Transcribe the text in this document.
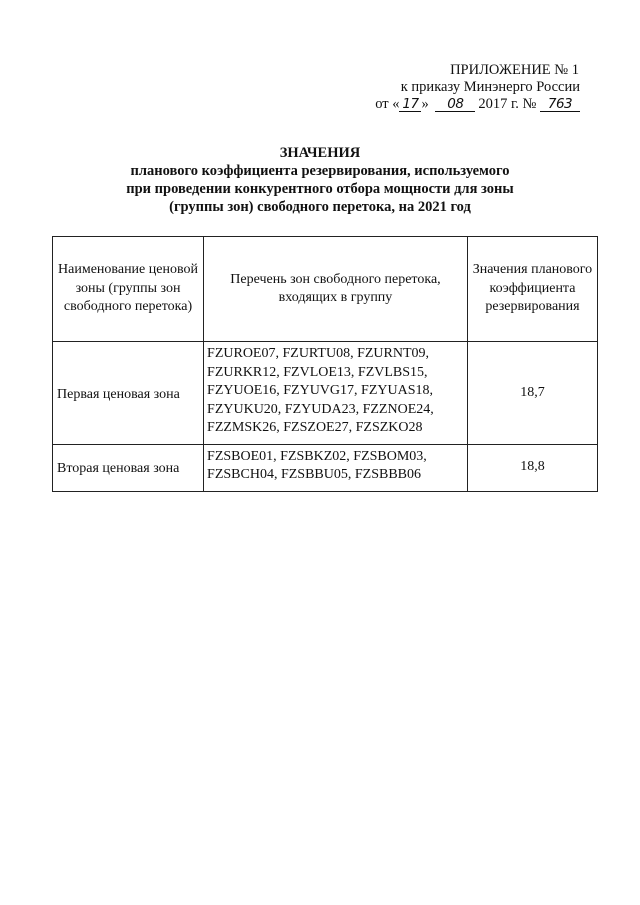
ПРИЛОЖЕНИЕ № 1
к приказу Минэнерго России
от « 17 » 08 2017 г. № 763
ЗНАЧЕНИЯ
планового коэффициента резервирования, используемого
при проведении конкурентного отбора мощности для зоны
(группы зон) свободного перетока, на 2021 год
Наименование ценовой зоны (группы зон свободного перетока)	Перечень зон свободного перетока, входящих в группу	Значения планового коэффициента резервирования
Первая ценовая зона	FZUROE07, FZURTU08, FZURNT09,
FZURKR12, FZVLOE13, FZVLBS15,
FZYUOE16, FZYUVG17, FZYUAS18,
FZYUKU20, FZYUDA23, FZZNOE24,
FZZMSK26, FZSZOE27, FZSZKO28	18,7
Вторая ценовая зона	FZSBOE01, FZSBKZ02, FZSBOM03,
FZSBCH04, FZSBBU05, FZSBBB06	18,8
